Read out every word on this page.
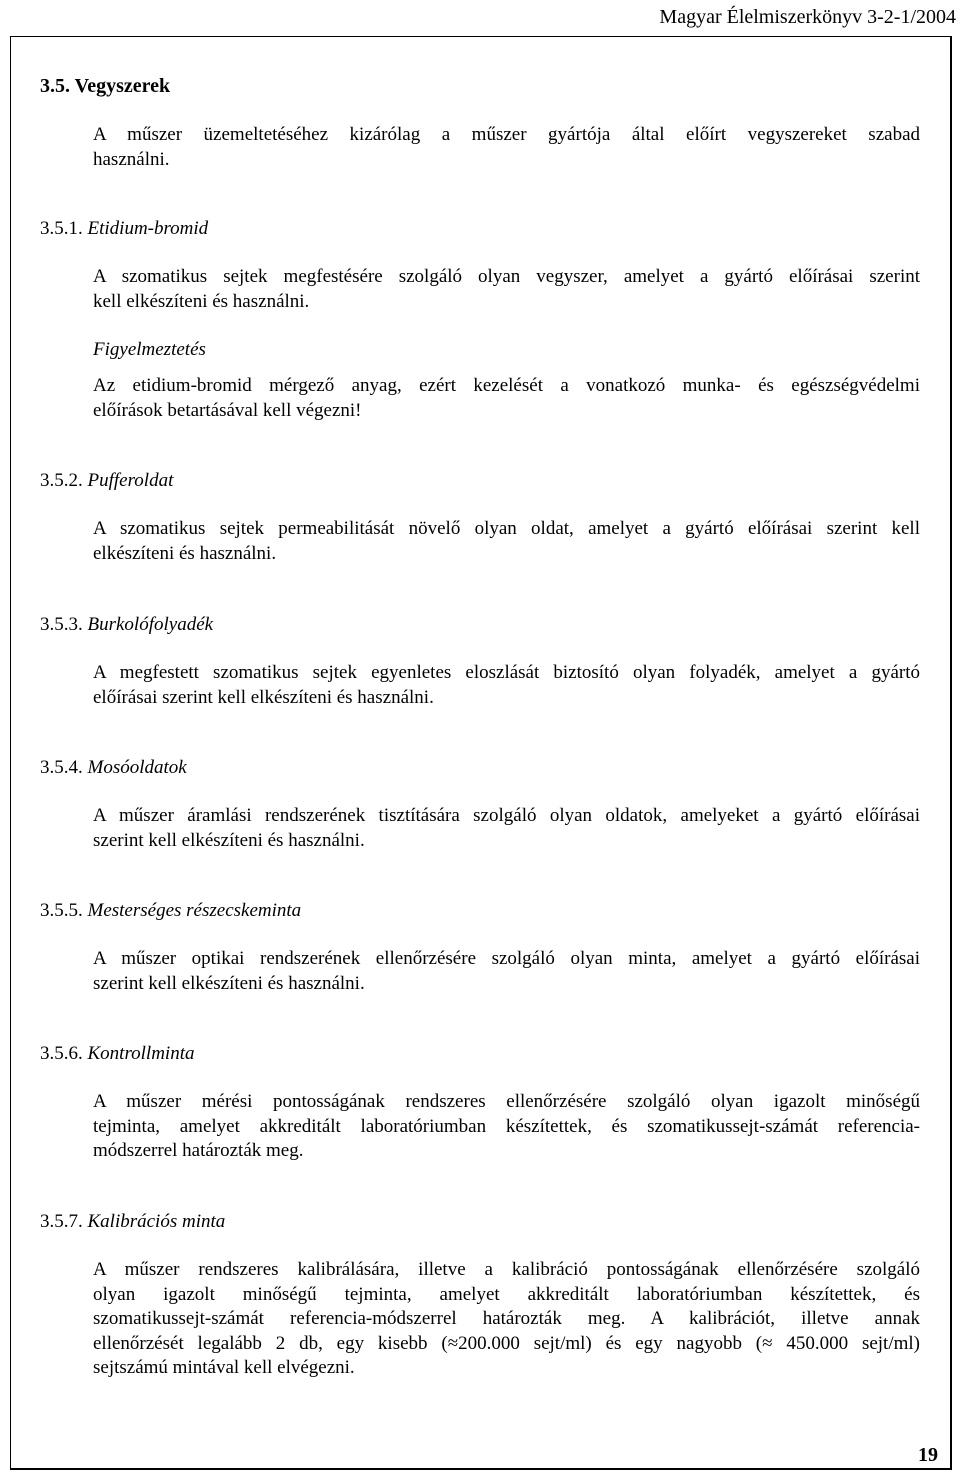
Magyar Élelmiszerkönyv 3-2-1/2004
3.5. Vegyszerek
A műszer üzemeltetéséhez kizárólag a műszer gyártója által előírt vegyszereket szabad
használni.
3.5.1. Etidium-bromid
A szomatikus sejtek megfestésére szolgáló olyan vegyszer, amelyet a gyártó előírásai szerint
kell elkészíteni és használni.
Figyelmeztetés
Az etidium-bromid mérgező anyag, ezért kezelését a vonatkozó munka- és egészségvédelmi
előírások betartásával kell végezni!
3.5.2. Pufferoldat
A szomatikus sejtek permeabilitását növelő olyan oldat, amelyet a gyártó előírásai szerint kell
elkészíteni és használni.
3.5.3. Burkolófolyadék
A megfestett szomatikus sejtek egyenletes eloszlását biztosító olyan folyadék, amelyet a gyártó
előírásai szerint kell elkészíteni és használni.
3.5.4. Mosóoldatok
A műszer áramlási rendszerének tisztítására szolgáló olyan oldatok, amelyeket a gyártó előírásai
szerint kell elkészíteni és használni.
3.5.5. Mesterséges részecskeminta
A műszer optikai rendszerének ellenőrzésére szolgáló olyan minta, amelyet a gyártó előírásai
szerint kell elkészíteni és használni.
3.5.6. Kontrollminta
A műszer mérési pontosságának rendszeres ellenőrzésére szolgáló olyan igazolt minőségű
tejminta, amelyet akkreditált laboratóriumban készítettek, és szomatikussejt-számát referencia-
módszerrel határozták meg.
3.5.7. Kalibrációs minta
A műszer rendszeres kalibrálására, illetve a kalibráció pontosságának ellenőrzésére szolgáló
olyan igazolt minőségű tejminta, amelyet akkreditált laboratóriumban készítettek, és
szomatikussejt-számát referencia-módszerrel határozták meg. A kalibrációt, illetve annak
ellenőrzését legalább 2 db, egy kisebb (≈200.000 sejt/ml) és egy nagyobb (≈ 450.000 sejt/ml)
sejtszámú mintával kell elvégezni.
19
